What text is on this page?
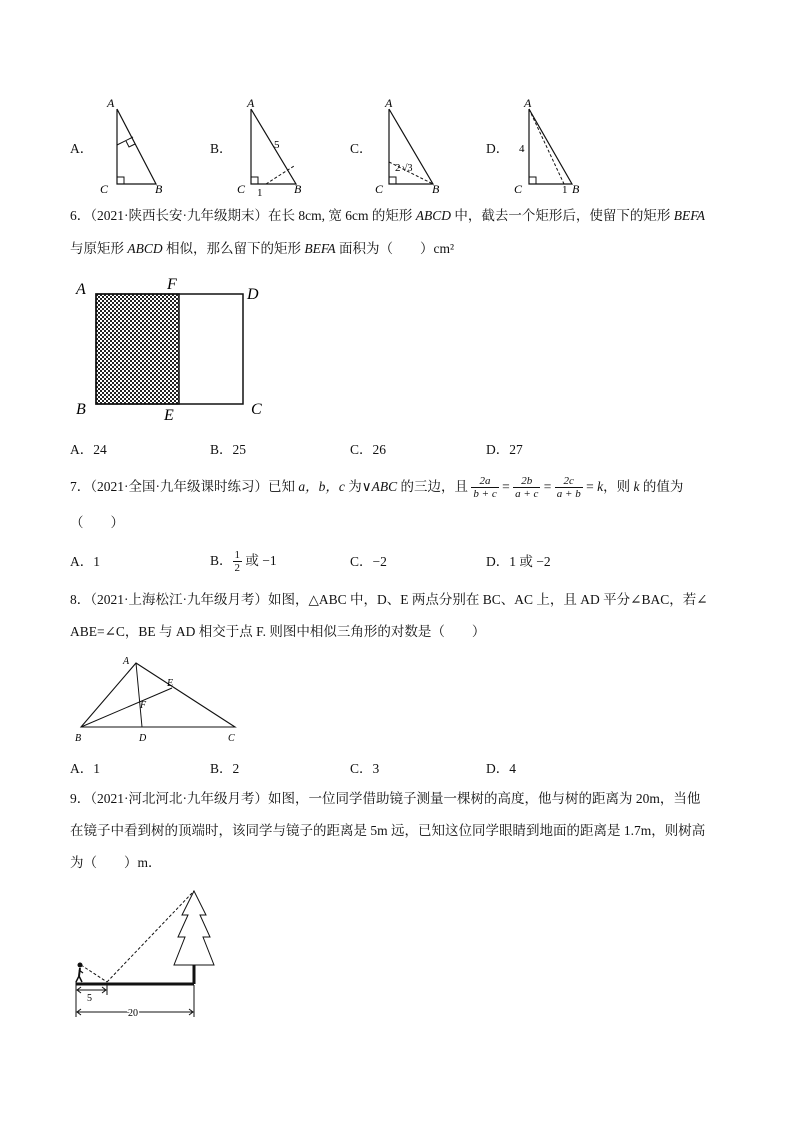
A．
A
C	B
B．
A
C	B
5
1
C．
A
C	B
2 √3
D．
A
C	B
4
1
6．（2021·陕西长安·九年级期末）在长 8cm, 宽 6cm 的矩形 ABCD 中，截去一个矩形后，使留下的矩形 BEFA
与原矩形 ABCD 相似，那么留下的矩形 BEFA 面积为（　　）cm²
A	F
D
B	E	C
A．24	B．25	C．26	D．27
7．（2021·全国·九年级课时练习）已知 a，b，c 为∨ABC 的三边，且 $\frac{2a}{b + c} = \frac{2b}{a + c} = \frac{2c}{a + b} = k$，则 k 的值为
（　　）
A．1	B． $\frac{1}{2}$ 或 −1	C．−2	D．1 或 −2
8．（2021·上海松江·九年级月考）如图，△ABC 中，D、E 两点分别在 BC、AC 上，且 AD 平分∠BAC，若∠
ABE=∠C，BE 与 AD 相交于点 F. 则图中相似三角形的对数是（　　）
A
B	C
D
E
F
A．1	B．2	C．3	D．4
9．（2021·河北河北·九年级月考）如图，一位同学借助镜子测量一棵树的高度，他与树的距离为 20m，当他
在镜子中看到树的顶端时，该同学与镜子的距离是 5m 远，已知这位同学眼睛到地面的距离是 1.7m，则树高
为（　　）m．
5
20
